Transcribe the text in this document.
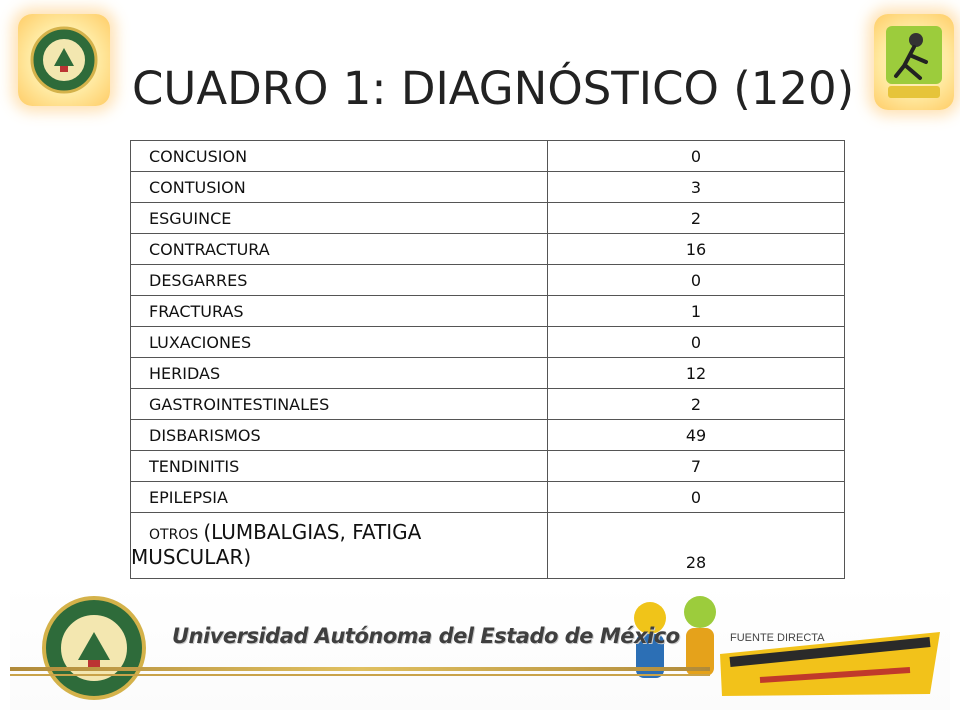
CUADRO 1: DIAGNÓSTICO (120)
CONCUSION	0
CONTUSION	3
ESGUINCE	2
CONTRACTURA	16
DESGARRES	0
FRACTURAS	1
LUXACIONES	0
HERIDAS	12
GASTROINTESTINALES	2
DISBARISMOS	49
TENDINITIS	7
EPILEPSIA	0
OTROS (LUMBALGIAS, FATIGA
MUSCULAR)	28
Universidad Autónoma del Estado de México	FUENTE DIRECTA
